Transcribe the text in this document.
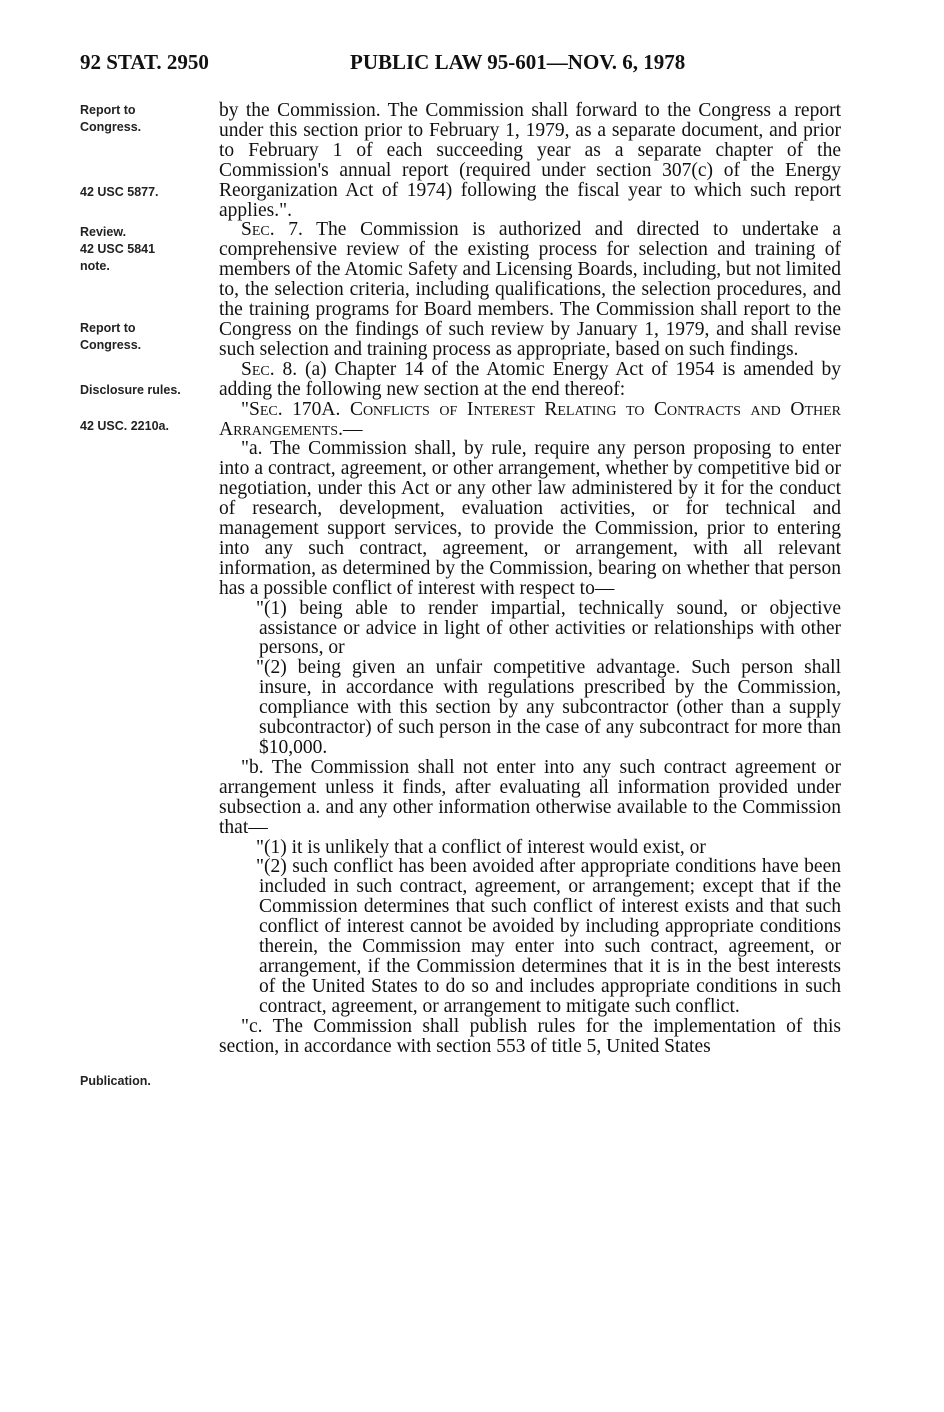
92 STAT. 2950	PUBLIC LAW 95-601—NOV. 6, 1978
Report to
Congress.
42 USC 5877.
Review.
42 USC 5841
note.
Report to
Congress.
Disclosure rules.
42 USC. 2210a.
Publication.

by the Commission. The Commission shall forward to the Congress a report under this section prior to February 1, 1979, as a separate document, and prior to February 1 of each succeeding year as a separate chapter of the Commission's annual report (required under section 307(c) of the Energy Reorganization Act of 1974) following the fiscal year to which such report applies.".

Sec. 7. The Commission is authorized and directed to undertake a comprehensive review of the existing process for selection and training of members of the Atomic Safety and Licensing Boards, including, but not limited to, the selection criteria, including qualifications, the selection procedures, and the training programs for Board members. The Commission shall report to the Congress on the findings of such review by January 1, 1979, and shall revise such selection and training process as appropriate, based on such findings.

Sec. 8. (a) Chapter 14 of the Atomic Energy Act of 1954 is amended by adding the following new section at the end thereof:

"Sec. 170A. Conflicts of Interest Relating to Contracts and Other Arrangements.—

"a. The Commission shall, by rule, require any person proposing to enter into a contract, agreement, or other arrangement, whether by competitive bid or negotiation, under this Act or any other law administered by it for the conduct of research, development, evaluation activities, or for technical and management support services, to provide the Commission, prior to entering into any such contract, agreement, or arrangement, with all relevant information, as determined by the Commission, bearing on whether that person has a possible conflict of interest with respect to—

"(1) being able to render impartial, technically sound, or objective assistance or advice in light of other activities or relationships with other persons, or

"(2) being given an unfair competitive advantage. Such person shall insure, in accordance with regulations prescribed by the Commission, compliance with this section by any subcontractor (other than a supply subcontractor) of such person in the case of any subcontract for more than $10,000.

"b. The Commission shall not enter into any such contract agreement or arrangement unless it finds, after evaluating all information provided under subsection a. and any other information otherwise available to the Commission that—

"(1) it is unlikely that a conflict of interest would exist, or

"(2) such conflict has been avoided after appropriate conditions have been included in such contract, agreement, or arrangement; except that if the Commission determines that such conflict of interest exists and that such conflict of interest cannot be avoided by including appropriate conditions therein, the Commission may enter into such contract, agreement, or arrangement, if the Commission determines that it is in the best interests of the United States to do so and includes appropriate conditions in such contract, agreement, or arrangement to mitigate such conflict.

"c. The Commission shall publish rules for the implementation of this section, in accordance with section 553 of title 5, United States
